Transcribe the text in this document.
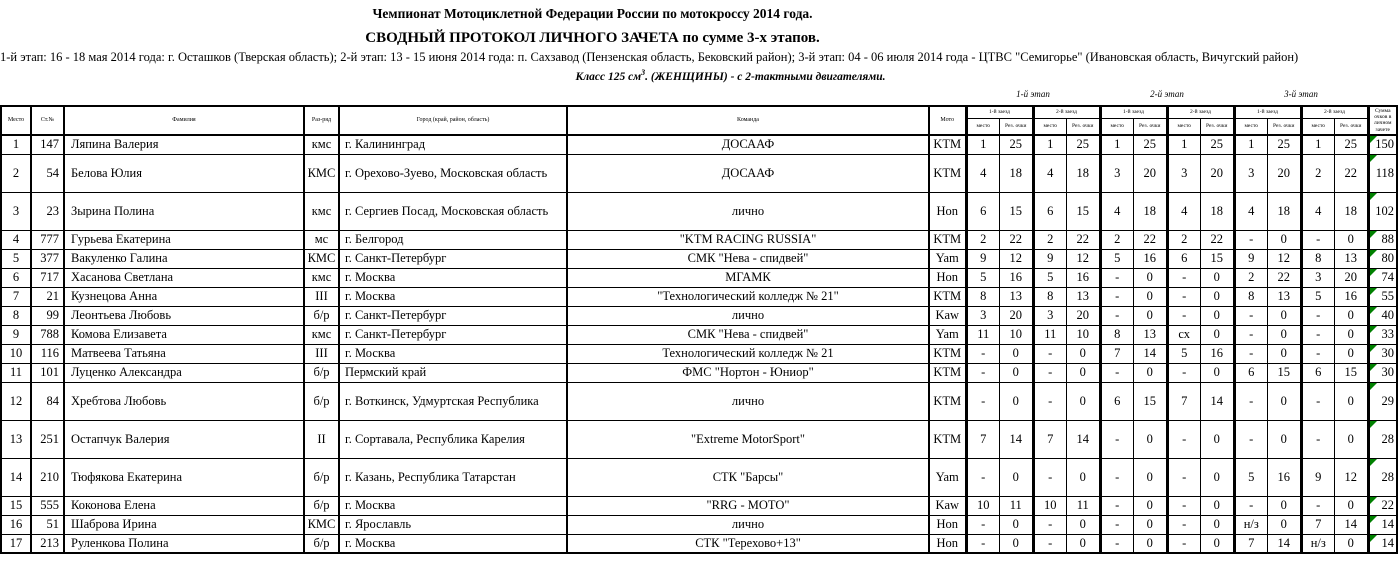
Чемпионат Мотоциклетной Федерации России по мотокроссу 2014 года.
СВОДНЫЙ ПРОТОКОЛ ЛИЧНОГО ЗАЧЕТА по сумме 3-х этапов.
1-й этап: 16 - 18 мая 2014 года: г. Осташков (Тверская область); 2-й этап: 13 - 15 июня 2014 года: п. Сахзавод (Пензенская область, Бековский район); 3-й этап: 04 - 06 июля 2014 года - ЦТВС "Семигорье" (Ивановская область, Вичугский район)
Класс 125 $см^3$. (ЖЕНЩИНЫ) - с 2-тактными двигателями.
1-й этап	2-й этап	3-й этап
Место	Ст.№	Фамилия	Раз-ряд	Город (край, район, область)	Команда	Мото	1-й заезд		2-й заезд		1-й заезд		2-й заезд		1-й заезд		2-й заезд		Сумма очков в личном зачете
							место	Рез. очки	место	Рез. очки	место	Рез. очки	место	Рез. очки	место	Рез. очки	место	Рез. очки	
1	147	Ляпина Валерия	кмс	г. Калининград	ДОСААФ	KTM	1	25	1	25	1	25	1	25	1	25	1	25	150
2	54	Белова Юлия	КМС	г. Орехово-Зуево, Московская область	ДОСААФ	KTM	4	18	4	18	3	20	3	20	3	20	2	22	118
3	23	Зырина Полина	кмс	г. Сергиев Посад, Московская область	лично	Hon	6	15	6	15	4	18	4	18	4	18	4	18	102
4	777	Гурьева Екатерина	мс	г. Белгород	"KTM RACING RUSSIA"	KTM	2	22	2	22	2	22	2	22	-	0	-	0	88
5	377	Вакуленко Галина	КМС	г. Санкт-Петербург	СМК "Нева - спидвей"	Yam	9	12	9	12	5	16	6	15	9	12	8	13	80
6	717	Хасанова Светлана	кмс	г. Москва	МГАМК	Hon	5	16	5	16	-	0	-	0	2	22	3	20	74
7	21	Кузнецова Анна	III	г. Москва	"Технологический колледж № 21"	KTM	8	13	8	13	-	0	-	0	8	13	5	16	55
8	99	Леонтьева Любовь	б/р	г. Санкт-Петербург	лично	Kaw	3	20	3	20	-	0	-	0	-	0	-	0	40
9	788	Комова Елизавета	кмс	г. Санкт-Петербург	СМК "Нева - спидвей"	Yam	11	10	11	10	8	13	сх	0	-	0	-	0	33
10	116	Матвеева Татьяна	III	г. Москва	Технологический колледж № 21	KTM	-	0	-	0	7	14	5	16	-	0	-	0	30
11	101	Луценко Александра	б/р	Пермский край	ФМС "Нортон - Юниор"	KTM	-	0	-	0	-	0	-	0	6	15	6	15	30
12	84	Хребтова Любовь	б/р	г. Воткинск, Удмуртская Республика	лично	KTM	-	0	-	0	6	15	7	14	-	0	-	0	29
13	251	Остапчук Валерия	II	г. Сортавала, Республика Карелия	"Extreme MotorSport"	KTM	7	14	7	14	-	0	-	0	-	0	-	0	28
14	210	Тюфякова Екатерина	б/р	г. Казань, Республика Татарстан	СТК "Барсы"	Yam	-	0	-	0	-	0	-	0	5	16	9	12	28
15	555	Коконова Елена	б/р	г. Москва	"RRG - МОТО"	Kaw	10	11	10	11	-	0	-	0	-	0	-	0	22
16	51	Шаброва Ирина	КМС	г. Ярославль	лично	Hon	-	0	-	0	-	0	-	0	н/з	0	7	14	14
17	213	Руленкова Полина	б/р	г. Москва	СТК "Терехово+13"	Hon	-	0	-	0	-	0	-	0	7	14	н/з	0	14
